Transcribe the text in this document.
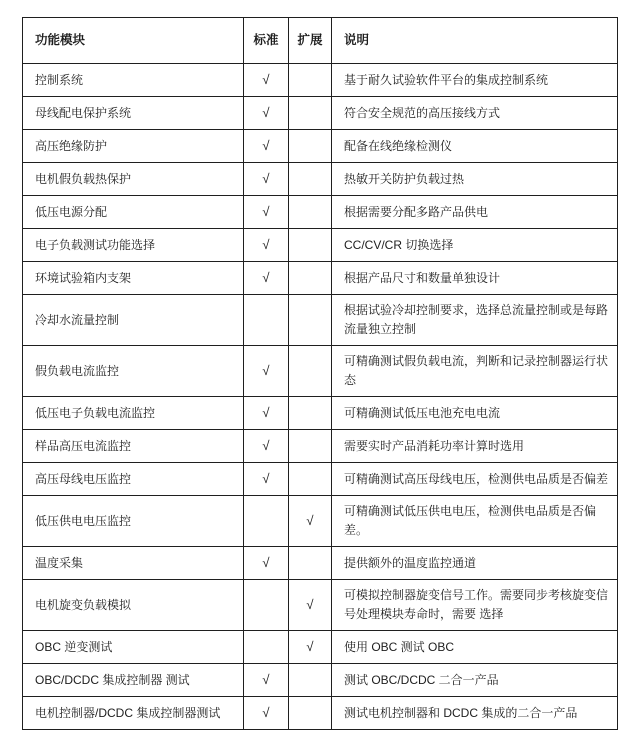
功能模块	标准	扩展	说明
控制系统	√		基于耐久试验软件平台的集成控制系统
母线配电保护系统	√		符合安全规范的高压接线方式
高压绝缘防护	√		配备在线绝缘检测仪
电机假负载热保护	√		热敏开关防护负载过热
低压电源分配	√		根据需要分配多路产品供电
电子负载测试功能选择	√		CC/CV/CR 切换选择
环境试验箱内支架	√		根据产品尺寸和数量单独设计
冷却水流量控制			根据试验冷却控制要求，选择总流量控制或是每路流量独立控制
假负载电流监控	√		可精确测试假负载电流，判断和记录控制器运行状态
低压电子负载电流监控	√		可精确测试低压电池充电电流
样品高压电流监控	√		需要实时产品消耗功率计算时选用
高压母线电压监控	√		可精确测试高压母线电压，检测供电品质是否偏差
低压供电电压监控		√	可精确测试低压供电电压，检测供电品质是否偏差。
温度采集	√		提供额外的温度监控通道
电机旋变负载模拟		√	可模拟控制器旋变信号工作。需要同步考核旋变信号处理模块寿命时，需要 选择
OBC 逆变测试		√	使用 OBC 测试 OBC
OBC/DCDC 集成控制器 测试	√		测试 OBC/DCDC 二合一产品
电机控制器/DCDC 集成控制器测试	√		测试电机控制器和 DCDC 集成的二合一产品
